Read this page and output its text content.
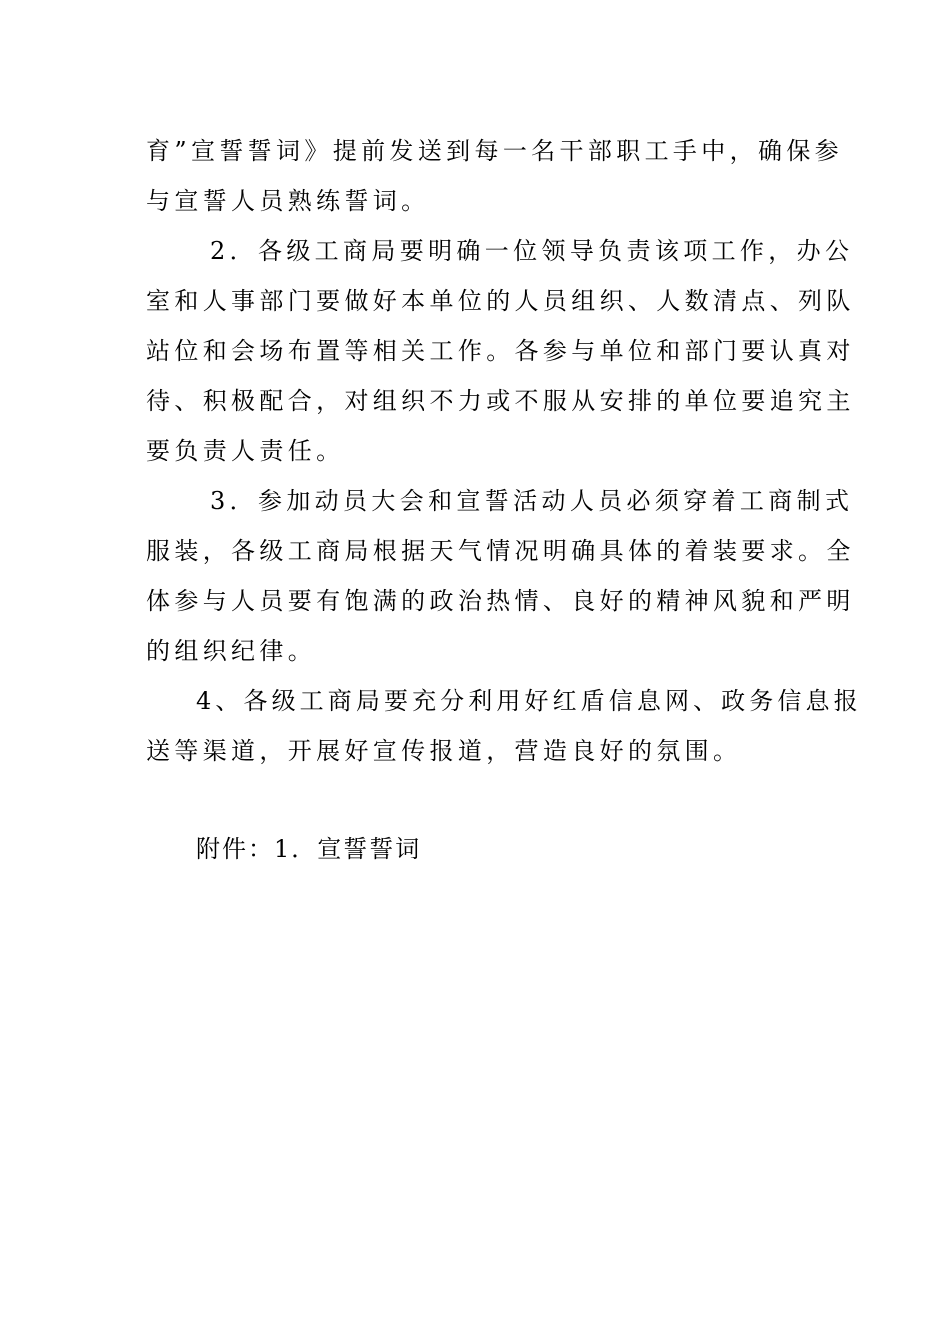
育”宣誓誓词》提前发送到每一名干部职工手中，确保参
与宣誓人员熟练誓词。
2．各级工商局要明确一位领导负责该项工作，办公
室和人事部门要做好本单位的人员组织、人数清点、列队
站位和会场布置等相关工作。各参与单位和部门要认真对
待、积极配合，对组织不力或不服从安排的单位要追究主
要负责人责任。
3．参加动员大会和宣誓活动人员必须穿着工商制式
服装，各级工商局根据天气情况明确具体的着装要求。全
体参与人员要有饱满的政治热情、良好的精神风貌和严明
的组织纪律。
4、各级工商局要充分利用好红盾信息网、政务信息报
送等渠道，开展好宣传报道，营造良好的氛围。
附件：1．宣誓誓词
